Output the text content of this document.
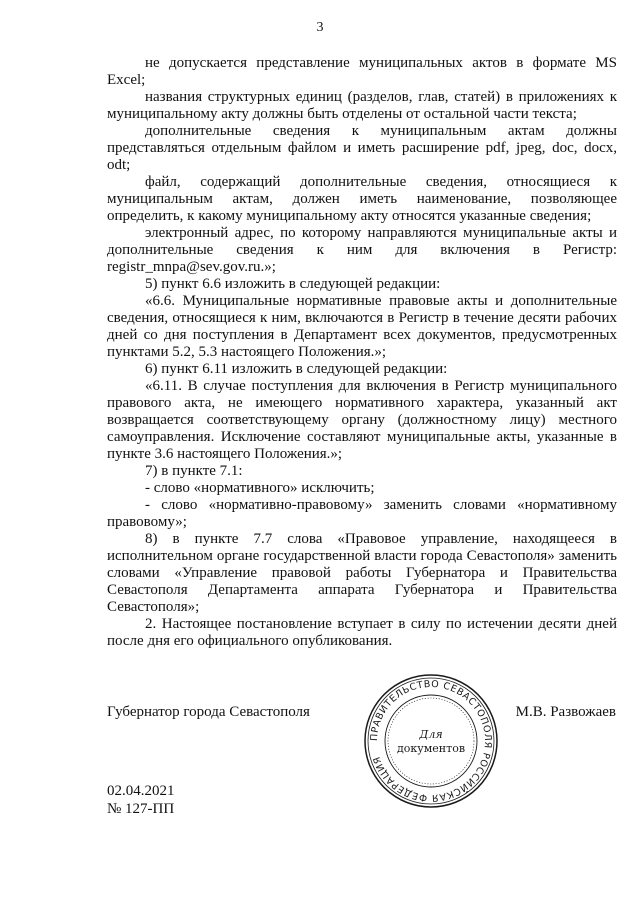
3

не допускается представление муниципальных актов в формате MS Excel;

названия структурных единиц (разделов, глав, статей) в приложениях к муниципальному акту должны быть отделены от остальной части текста;

дополнительные сведения к муниципальным актам должны представляться отдельным файлом и иметь расширение pdf, jpeg, doc, docx, odt;

файл, содержащий дополнительные сведения, относящиеся к муниципальным актам, должен иметь наименование, позволяющее определить, к какому муниципальному акту относятся указанные сведения;

электронный адрес, по которому направляются муниципальные акты и дополнительные сведения к ним для включения в Регистр: registr_mnpa@sev.gov.ru.»;

5) пункт 6.6 изложить в следующей редакции:

«6.6. Муниципальные нормативные правовые акты и дополнительные сведения, относящиеся к ним, включаются в Регистр в течение десяти рабочих дней со дня поступления в Департамент всех документов, предусмотренных пунктами 5.2, 5.3 настоящего Положения.»;

6) пункт 6.11 изложить в следующей редакции:

«6.11. В случае поступления для включения в Регистр муниципального правового акта, не имеющего нормативного характера, указанный акт возвращается соответствующему органу (должностному лицу) местного самоуправления. Исключение составляют муниципальные акты, указанные в пункте 3.6 настоящего Положения.»;

7) в пункте 7.1:

- слово «нормативного» исключить;

- слово «нормативно-правовому» заменить словами «нормативному правовому»;

8) в пункте 7.7 слова «Правовое управление, находящееся в исполнительном органе государственной власти города Севастополя» заменить словами «Управление правовой работы Губернатора и Правительства Севастополя Департамента аппарата Губернатора и Правительства Севастополя»;

2. Настоящее постановление вступает в силу по истечении десяти дней после дня его официального опубликования.

Губернатор города Севастополя	М.В. Развожаев
02.04.2021
№ 127-ПП
ПРАВИТЕЛЬСТВО СЕВАСТОПОЛЯ РОССИЙСКАЯ ФЕДЕРАЦИЯ
Для
документов
